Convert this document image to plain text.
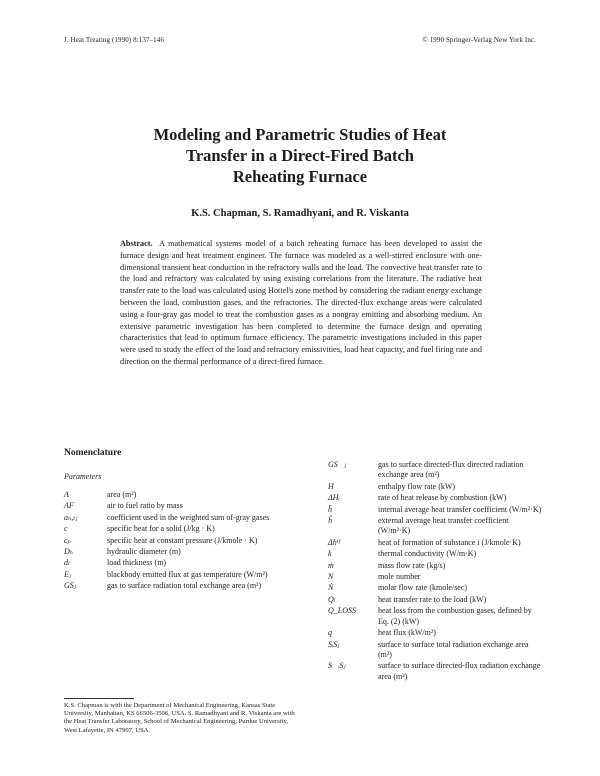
J. Heat Treating (1990) 8:137–146	© 1990 Springer-Verlag New York Inc.
Modeling and Parametric Studies of Heat
Transfer in a Direct-Fired Batch
Reheating Furnace
K.S. Chapman, S. Ramadhyani, and R. Viskanta
Abstract. A mathematical systems model of a batch reheating furnace has been developed to assist the furnace design and heat treatment engineer. The furnace was modeled as a well-stirred enclosure with one-dimensional transient heat conduction in the refractory walls and the load. The convective heat transfer rate to the load and refractory was calculated by using existing correlations from the literature. The radiative heat transfer rate to the load was calculated using Hottel's zone method by considering the radiant energy exchange between the load, combustion gases, and the refractories. The directed-flux exchange areas were calculated using a four-gray gas model to treat the combustion gases as a nongray emitting and absorbing medium. An extensive parametric investigation has been completed to determine the furnace design and operating characteristics that lead to optimum furnace efficiency. The parametric investigations included in this paper were used to study the effect of the load and refractory emissivities, load heat capacity, and fuel firing rate and direction on the thermal performance of a direct-fired furnace.
Nomenclature
Parameters
A	area (m²)
AF	air to fuel ratio by mass
aₙ,ₜⱼ	coefficient used in the weighted sum of-gray gases
c	specific heat for a solid (J/kg · K)
cₚ	specific heat at constant pressure (J/kmole · K)
Dₕ	hydraulic diameter (m)
dₗ	load thickness (m)
Eⱼ	blackbody emitted flux at gas temperature (W/m²)
GSⱼ	gas to surface radiation total exchange area (m²)
GS⃗ⱼ	gas to surface directed-flux directed radiation exchange area (m²)
H	enthalpy flow rate (kW)
ΔHᵣ	rate of heat release by combustion (kW)
h̄	internal average heat transfer coefficient (W/m²·K)
ĥ	external average heat transfer coefficient (W/m²·K)
Δhⁱᶠ	heat of formation of substance i (J/kmole·K)
k	thermal conductivity (W/m·K)
ṁ	mass flow rate (kg/s)
N	mole number
Ṅ	molar flow rate (kmole/sec)
Qₗ	heat transfer rate to the load (kW)
Q_LOSS	heat loss from the combustion gases, defined by Eq. (2) (kW)
q	heat flux (kW/m²)
SᵢSⱼ	surface to surface total radiation exchange area (m²)
S⃗ᵢSⱼ	surface to surface directed-flux radiation exchange area (m²)
K.S. Chapman is with the Department of Mechanical Engineering, Kansas State University, Manhattan, KS 66506-3506, USA. S. Ramadhyani and R. Viskanta are with the Heat Transfer Laboratory, School of Mechanical Engineering, Purdue University, West Lafayette, IN 47907, USA.
